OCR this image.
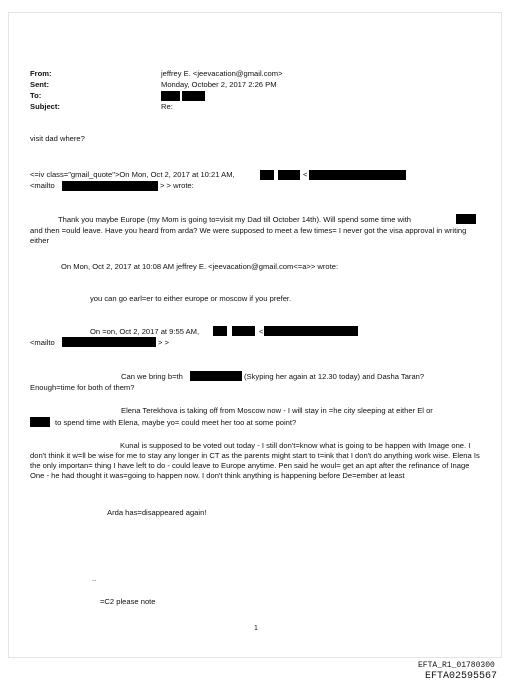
From:	jeffrey E. <jeevacation@gmail.com>
Sent:	Monday, October 2, 2017 2:26 PM
To:
Subject:	Re:
visit dad where?
<=iv class="gmail_quote">On Mon, Oct 2, 2017 at 10:21 AM,	<
<mailto	> > wrote:
Thank you maybe Europe (my Mom is going to=visit my Dad till October 14th). Will spend some time with
and then =ould leave. Have you heard from arda? We were supposed to meet a few times= I never got the visa approval in writing either
On Mon, Oct 2, 2017 at 10:08 AM jeffrey E. <jeevacation@gmail.com<=a>> wrote:
you can go earl=er to either europe or moscow if you prefer.
On =on, Oct 2, 2017 at 9:55 AM,	<
<mailto	> >
Can we bring b=th	(Skyping her again at 12.30 today) and Dasha Taran?
Enough=time for both of them?
Elena Terekhova is taking off from Moscow now - I will stay in =he city sleeping at either El or
to spend time with Elena, maybe yo= could meet her too at some point?
Kunal is supposed to be voted out today - I still don't=know what is going to be happen with Image one. I don't think it w=ll be wise for me to stay any longer in CT as the parents might start to t=ink that I don't do anything work wise. Elena Is the only importan= thing I have left to do - could leave to Europe anytime. Pen said he woul= get an apt after the refinance of Inage One - he had thought it was=going to happen now. I don't think anything is happening before De=ember at least
Arda has=disappeared again!
..
=C2 please note
1
EFTA_R1_01780300
EFTA02595567
